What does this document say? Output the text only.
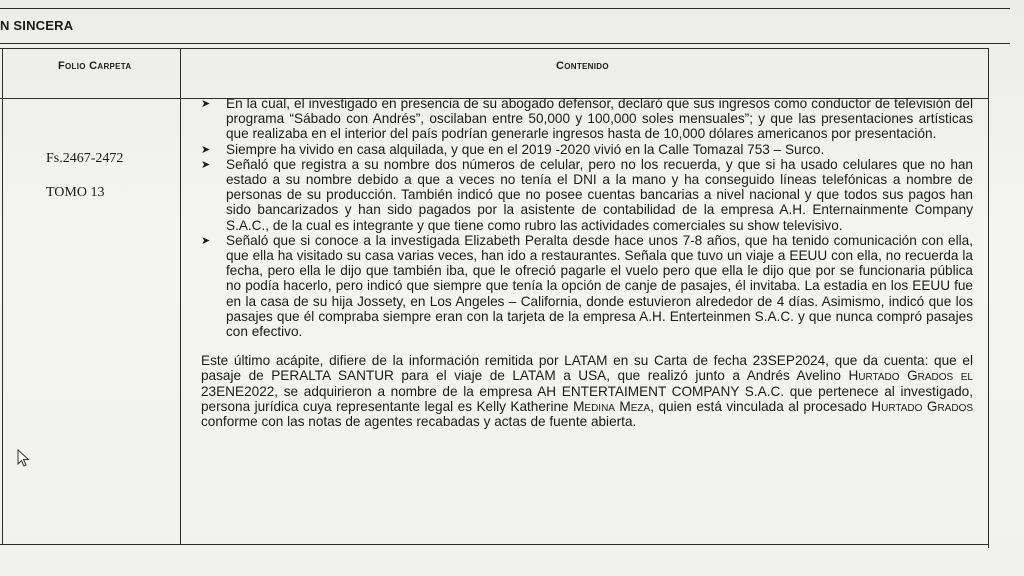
N SINCERA
Folio Carpeta	Contenido
Fs.2467-2472
TOMO 13
➤ En la cual, el investigado en presencia de su abogado defensor, declaró que sus ingresos como conductor de televisión del programa “Sábado con Andrés”, oscilaban entre 50,000 y 100,000 soles mensuales”; y que las presentaciones artísticas que realizaba en el interior del país podrían generarle ingresos hasta de 10,000 dólares americanos por presentación.
➤ Siempre ha vivido en casa alquilada, y que en el 2019 -2020 vivió en la Calle Tomazal 753 – Surco.
➤ Señaló que registra a su nombre dos números de celular, pero no los recuerda, y que si ha usado celulares que no han estado a su nombre debido a que a veces no tenía el DNI a la mano y ha conseguido líneas telefónicas a nombre de personas de su producción. También indicó que no posee cuentas bancarias a nivel nacional y que todos sus pagos han sido bancarizados y han sido pagados por la asistente de contabilidad de la empresa A.H. Enternainmente Company S.A.C., de la cual es integrante y que tiene como rubro las actividades comerciales su show televisivo.
➤ Señaló que si conoce a la investigada Elizabeth Peralta desde hace unos 7-8 años, que ha tenido comunicación con ella, que ella ha visitado su casa varias veces, han ido a restaurantes. Señala que tuvo un viaje a EEUU con ella, no recuerda la fecha, pero ella le dijo que también iba, que le ofreció pagarle el vuelo pero que ella le dijo que por se funcionaria pública no podía hacerlo, pero indicó que siempre que tenía la opción de canje de pasajes, él invitaba. La estadia en los EEUU fue en la casa de su hija Jossety, en Los Angeles – California, donde estuvieron alrededor de 4 días. Asimismo, indicó que los pasajes que él compraba siempre eran con la tarjeta de la empresa A.H. Enterteinmen S.A.C. y que nunca compró pasajes con efectivo.
Este último acápite, difiere de la información remitida por LATAM en su Carta de fecha 23SEP2024, que da cuenta: que el pasaje de PERALTA SANTUR para el viaje de LATAM a USA, que realizó junto a Andrés Avelino Hurtado Grados el 23ENE2022, se adquirieron a nombre de la empresa AH ENTERTAIMENT COMPANY S.A.C. que pertenece al investigado, persona jurídica cuya representante legal es Kelly Katherine Medina Meza, quien está vinculada al procesado Hurtado Grados conforme con las notas de agentes recabadas y actas de fuente abierta.
